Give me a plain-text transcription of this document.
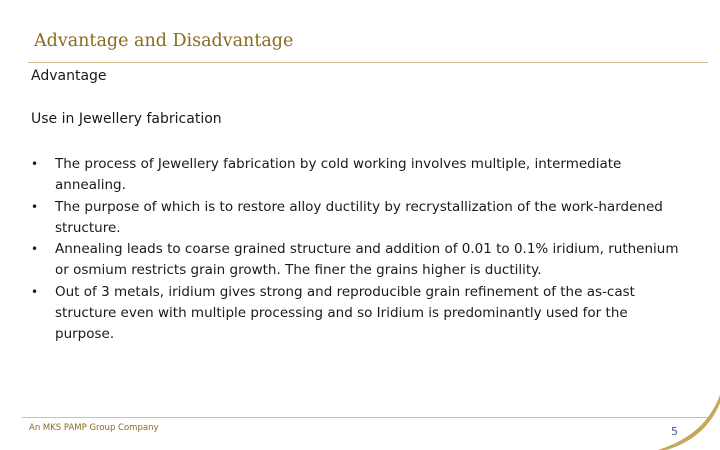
Advantage and Disadvantage
Advantage
Use in Jewellery fabrication
• The process of Jewellery fabrication by cold working involves multiple, intermediate annealing.
• The purpose of which is to restore alloy ductility by recrystallization of the work-hardened structure.
• Annealing leads to coarse grained structure and addition of 0.01 to 0.1% iridium, ruthenium or osmium restricts grain growth. The finer the grains higher is ductility.
• Out of 3 metals, iridium gives strong and reproducible grain refinement of the as-cast structure even with multiple processing and so Iridium is predominantly used for the purpose.
An MKS PAMP Group Company	5
